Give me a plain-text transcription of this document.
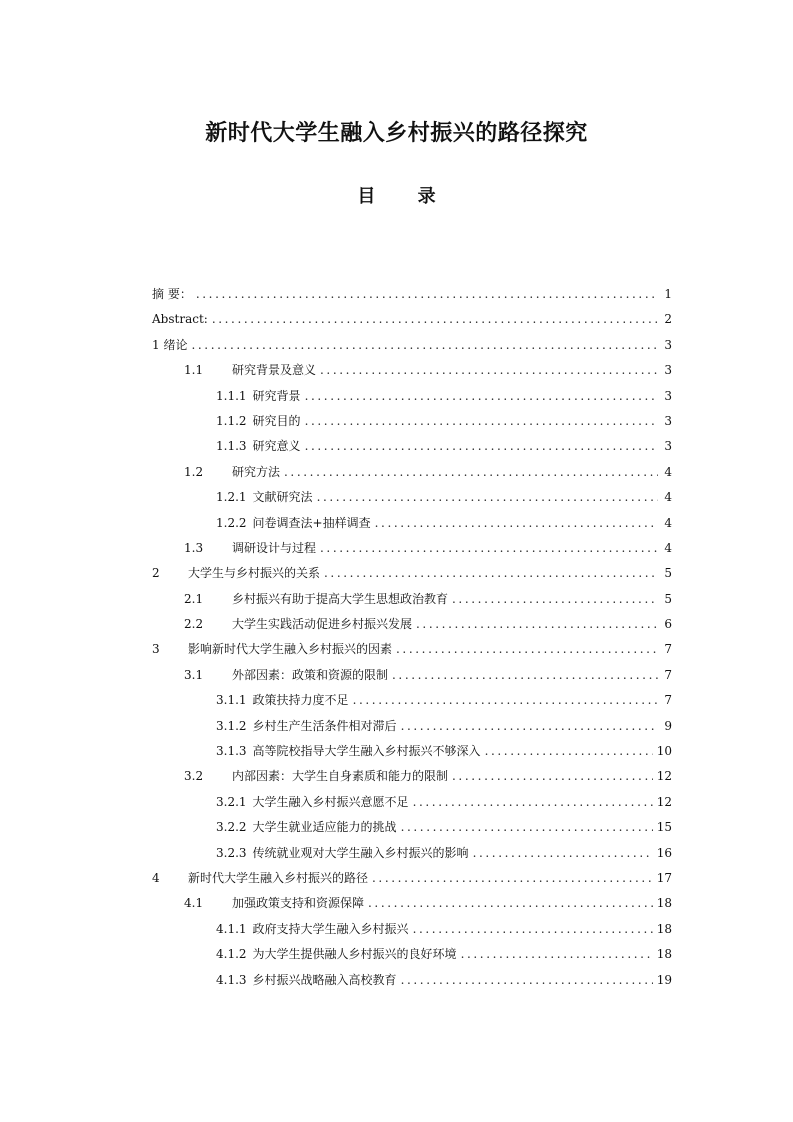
新时代大学生融入乡村振兴的路径探究
目 录
摘 要： .....	1
Abstract: .....	2
1 绪论 .....	3
1.1	研究背景及意义 .....	3
1.1.1 研究背景 .....	3
1.1.2 研究目的 .....	3
1.1.3 研究意义 .....	3
1.2	研究方法 .....	4
1.2.1 文献研究法 .....	4
1.2.2 问卷调查法+抽样调查 .....	4
1.3	调研设计与过程 .....	4
2	大学生与乡村振兴的关系 .....	5
2.1	乡村振兴有助于提高大学生思想政治教育 .....	5
2.2	大学生实践活动促进乡村振兴发展 .....	6
3	影响新时代大学生融入乡村振兴的因素 .....	7
3.1	外部因素：政策和资源的限制 .....	7
3.1.1 政策扶持力度不足 .....	7
3.1.2 乡村生产生活条件相对滞后 .....	9
3.1.3 高等院校指导大学生融入乡村振兴不够深入 .....	10
3.2	内部因素：大学生自身素质和能力的限制 .....	12
3.2.1 大学生融入乡村振兴意愿不足 .....	12
3.2.2 大学生就业适应能力的挑战 .....	15
3.2.3 传统就业观对大学生融入乡村振兴的影响 .....	16
4	新时代大学生融入乡村振兴的路径 .....	17
4.1	加强政策支持和资源保障 .....	18
4.1.1 政府支持大学生融入乡村振兴 .....	18
4.1.2 为大学生提供融人乡村振兴的良好环境 .....	18
4.1.3 乡村振兴战略融入高校教育 .....	19
